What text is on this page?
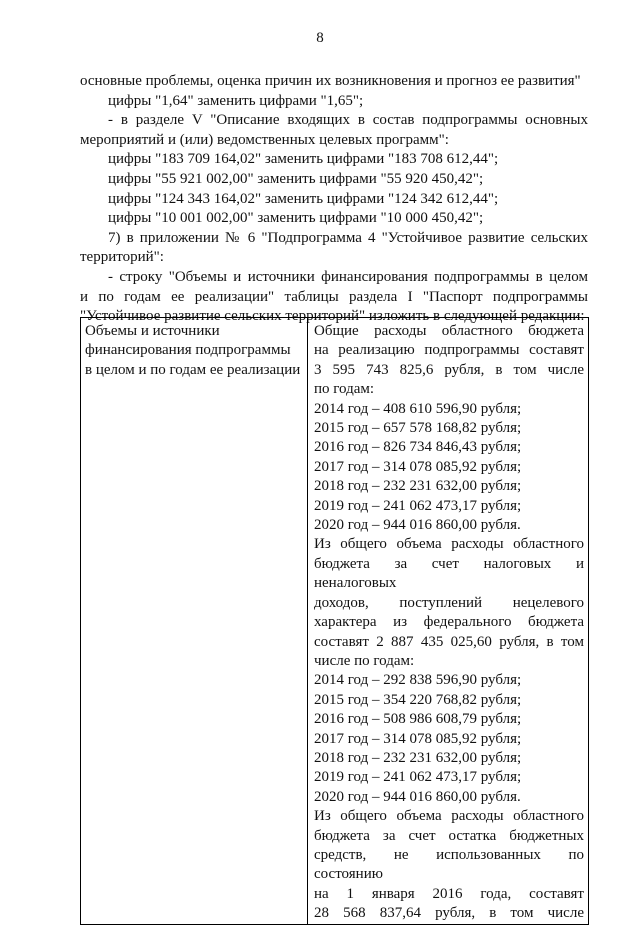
8
основные проблемы, оценка причин их возникновения и прогноз ее развития"
цифры "1,64" заменить цифрами "1,65";
- в разделе V "Описание входящих в состав подпрограммы основных
мероприятий и (или) ведомственных целевых программ":
цифры "183 709 164,02" заменить цифрами "183 708 612,44";
цифры "55 921 002,00" заменить цифрами "55 920 450,42";
цифры "124 343 164,02" заменить цифрами "124 342 612,44";
цифры "10 001 002,00" заменить цифрами "10 000 450,42";
7) в приложении № 6 "Подпрограмма 4 "Устойчивое развитие сельских
территорий":
- строку "Объемы и источники финансирования подпрограммы в целом
и по годам ее реализации" таблицы раздела I "Паспорт подпрограммы
"Устойчивое развитие сельских территорий" изложить в следующей редакции:
Объемы и источники
финансирования подпрограммы
в целом и по годам ее реализации

Общие расходы областного бюджета
на реализацию подпрограммы составят
3 595 743 825,6 рубля, в том числе
по годам:
2014 год – 408 610 596,90 рубля;
2015 год – 657 578 168,82 рубля;
2016 год – 826 734 846,43 рубля;
2017 год – 314 078 085,92 рубля;
2018 год – 232 231 632,00 рубля;
2019 год – 241 062 473,17 рубля;
2020 год – 944 016 860,00 рубля.
Из общего объема расходы областного
бюджета за счет налоговых и неналоговых
доходов, поступлений нецелевого
характера из федерального бюджета
составят 2 887 435 025,60 рубля, в том
числе по годам:
2014 год – 292 838 596,90 рубля;
2015 год – 354 220 768,82 рубля;
2016 год – 508 986 608,79 рубля;
2017 год – 314 078 085,92 рубля;
2018 год – 232 231 632,00 рубля;
2019 год – 241 062 473,17 рубля;
2020 год – 944 016 860,00 рубля.
Из общего объема расходы областного
бюджета за счет остатка бюджетных
средств, не использованных по состоянию
на 1 января 2016 года, составят
28 568 837,64 рубля, в том числе
